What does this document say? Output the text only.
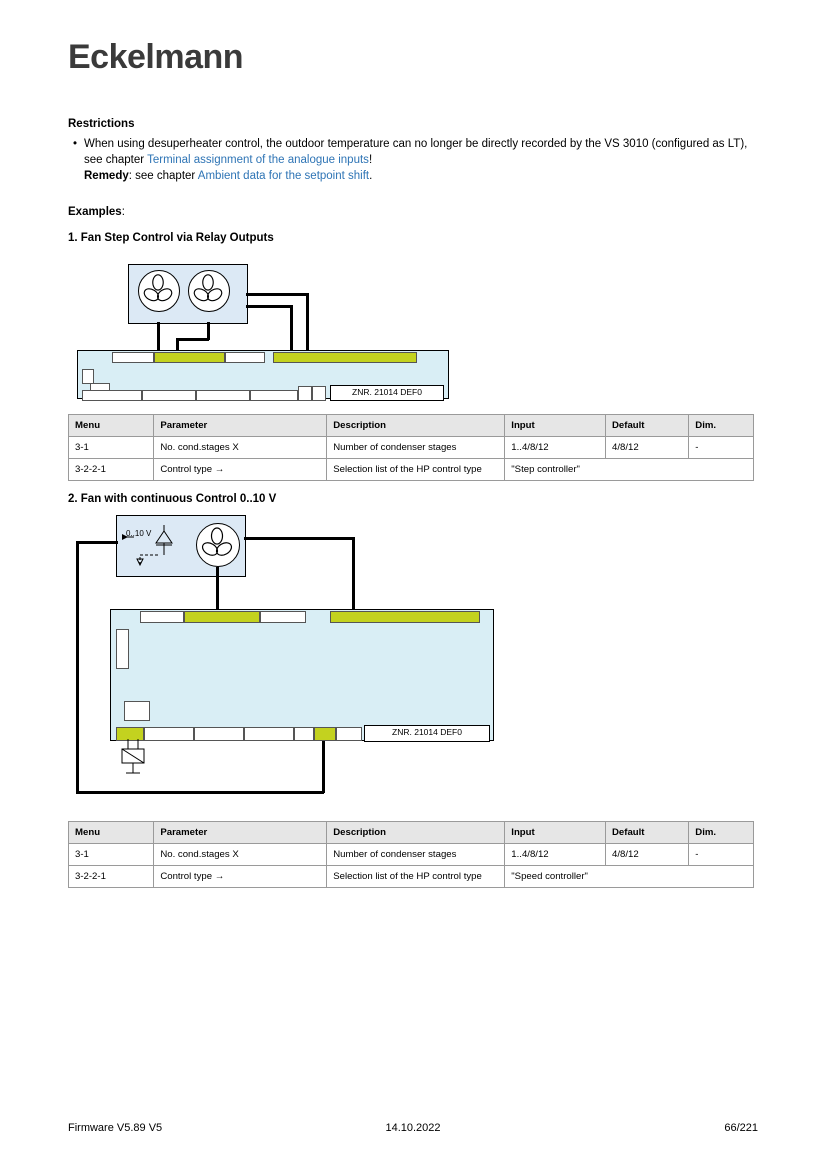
Eckelmann
Restrictions
• When using desuperheater control, the outdoor temperature can no longer be directly recorded by the VS 3010 (configured as LT), see chapter Terminal assignment of the analogue inputs!
Remedy: see chapter Ambient data for the setpoint shift.
Examples:
1. Fan Step Control via Relay Outputs

ZNR. 21014 DEF0
Menu	Parameter	Description	Input	Default	Dim.
3-1	No. cond.stages X	Number of condenser stages	1..4/8/12	4/8/12	-
3-2-2-1	Control type →	Selection list of the HP control type	"Step controller"		
2. Fan with continuous Control 0..10 V
0..10 V
ZNR. 21014 DEF0
Menu	Parameter	Description	Input	Default	Dim.
3-1	No. cond.stages X	Number of condenser stages	1..4/8/12	4/8/12	-
3-2-2-1	Control type →	Selection list of the HP control type	"Speed controller"		
Firmware V5.89 V5	14.10.2022	66/221
